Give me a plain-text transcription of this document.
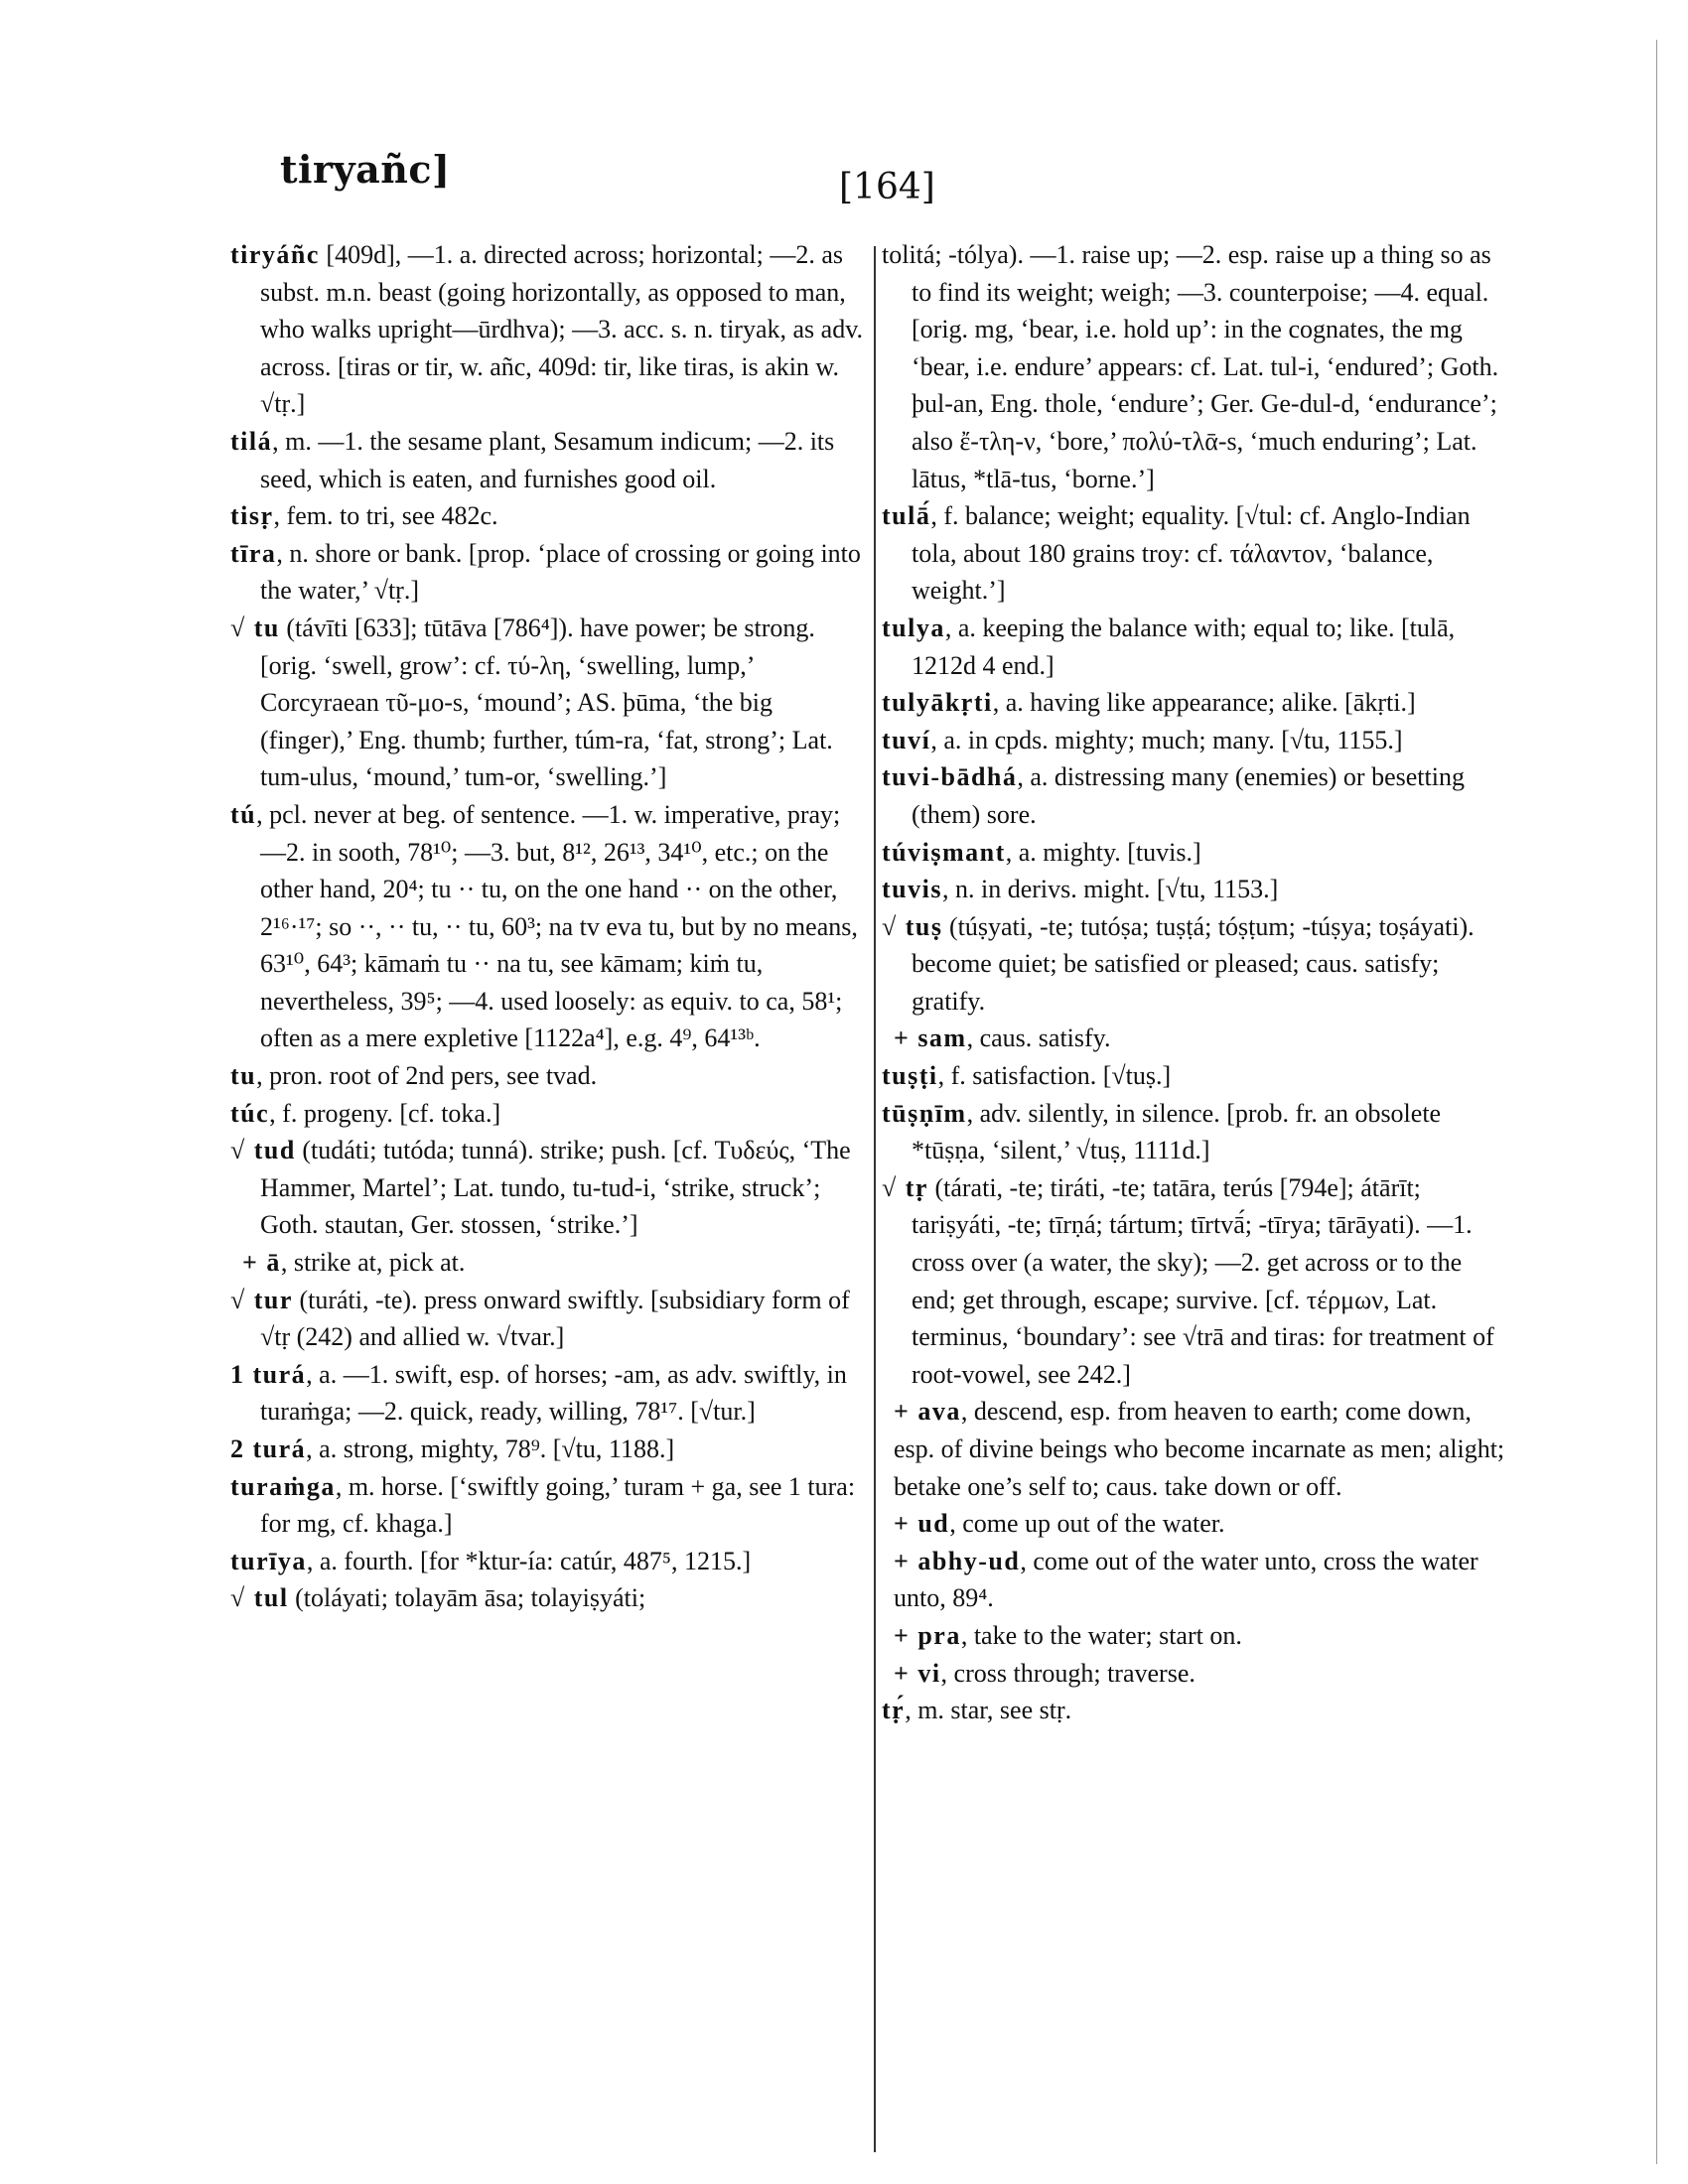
tiryañc]	[164]

tiryáñc [409d], —1. a. directed across; horizontal; —2. as subst. m.n. beast (going horizontally, as opposed to man, who walks upright—ūrdhva); —3. acc. s. n. tiryak, as adv. across. [tiras or tir, w. añc, 409d: tir, like tiras, is akin w. √tṛ.]

tilá, m. —1. the sesame plant, Sesamum indicum; —2. its seed, which is eaten, and furnishes good oil.

tisṛ, fem. to tri, see 482c.

tīra, n. shore or bank. [prop. ‘place of crossing or going into the water,’ √tṛ.]

√ tu (távīti [633]; tūtāva [786⁴]). have power; be strong. [orig. ‘swell, grow’: cf. τύ-λη, ‘swelling, lump,’ Corcyraean τῦ-μο-s, ‘mound’; AS. þūma, ‘the big (finger),’ Eng. thumb; further, túm-ra, ‘fat, strong’; Lat. tum-ulus, ‘mound,’ tum-or, ‘swelling.’]

tú, pcl. never at beg. of sentence. —1. w. imperative, pray; —2. in sooth, 78¹⁰; —3. but, 8¹², 26¹³, 34¹⁰, etc.; on the other hand, 20⁴; tu ·· tu, on the one hand ·· on the other, 2¹⁶·¹⁷; so ··, ·· tu, ·· tu, 60³; na tv eva tu, but by no means, 63¹⁰, 64³; kāmaṁ tu ·· na tu, see kāmam; kiṁ tu, nevertheless, 39⁵; —4. used loosely: as equiv. to ca, 58¹; often as a mere expletive [1122a⁴], e.g. 4⁹, 64¹³ᵇ.

tu, pron. root of 2nd pers, see tvad.

túc, f. progeny. [cf. toka.]

√ tud (tudáti; tutóda; tunná). strike; push. [cf. Τυδεύς, ‘The Hammer, Martel’; Lat. tundo, tu-tud-i, ‘strike, struck’; Goth. stautan, Ger. stossen, ‘strike.’]

+ ā, strike at, pick at.

√ tur (turáti, -te). press onward swiftly. [subsidiary form of √tṛ (242) and allied w. √tvar.]

1 turá, a. —1. swift, esp. of horses; -am, as adv. swiftly, in turaṁga; —2. quick, ready, willing, 78¹⁷. [√tur.]

2 turá, a. strong, mighty, 78⁹. [√tu, 1188.]

turaṁga, m. horse. [‘swiftly going,’ turam + ga, see 1 tura: for mg, cf. khaga.]

turīya, a. fourth. [for *ktur-ía: catúr, 487⁵, 1215.]

√ tul (toláyati; tolayām āsa; tolayiṣyáti;

tolitá; -tólya). —1. raise up; —2. esp. raise up a thing so as to find its weight; weigh; —3. counterpoise; —4. equal. [orig. mg, ‘bear, i.e. hold up’: in the cognates, the mg ‘bear, i.e. endure’ appears: cf. Lat. tul-i, ‘endured’; Goth. þul-an, Eng. thole, ‘endure’; Ger. Ge-dul-d, ‘endurance’; also ἔ-τλη-ν, ‘bore,’ πολύ-τλᾱ-s, ‘much enduring’; Lat. lātus, *tlā-tus, ‘borne.’]

tulā́, f. balance; weight; equality. [√tul: cf. Anglo-Indian tola, about 180 grains troy: cf. τάλαντον, ‘balance, weight.’]

tulya, a. keeping the balance with; equal to; like. [tulā, 1212d 4 end.]

tulyākṛti, a. having like appearance; alike. [ākṛti.]

tuví, a. in cpds. mighty; much; many. [√tu, 1155.]

tuvi-bādhá, a. distressing many (enemies) or besetting (them) sore.

túviṣmant, a. mighty. [tuvis.]

tuvis, n. in derivs. might. [√tu, 1153.]

√ tuṣ (túṣyati, -te; tutóṣa; tuṣṭá; tóṣṭum; -túṣya; toṣáyati). become quiet; be satisfied or pleased; caus. satisfy; gratify.

+ sam, caus. satisfy.

tuṣṭi, f. satisfaction. [√tuṣ.]

tūṣṇīm, adv. silently, in silence. [prob. fr. an obsolete *tūṣṇa, ‘silent,’ √tuṣ, 1111d.]

√ tṛ (tárati, -te; tiráti, -te; tatāra, terús [794e]; átārīt; tariṣyáti, -te; tīrṇá; tártum; tīrtvā́; -tīrya; tārāyati). —1. cross over (a water, the sky); —2. get across or to the end; get through, escape; survive. [cf. τέρμων, Lat. terminus, ‘boundary’: see √trā and tiras: for treatment of root-vowel, see 242.]

+ ava, descend, esp. from heaven to earth; come down, esp. of divine beings who become incarnate as men; alight; betake one’s self to; caus. take down or off.

+ ud, come up out of the water.

+ abhy-ud, come out of the water unto, cross the water unto, 89⁴.

+ pra, take to the water; start on.

+ vi, cross through; traverse.

tṛ́, m. star, see stṛ.
